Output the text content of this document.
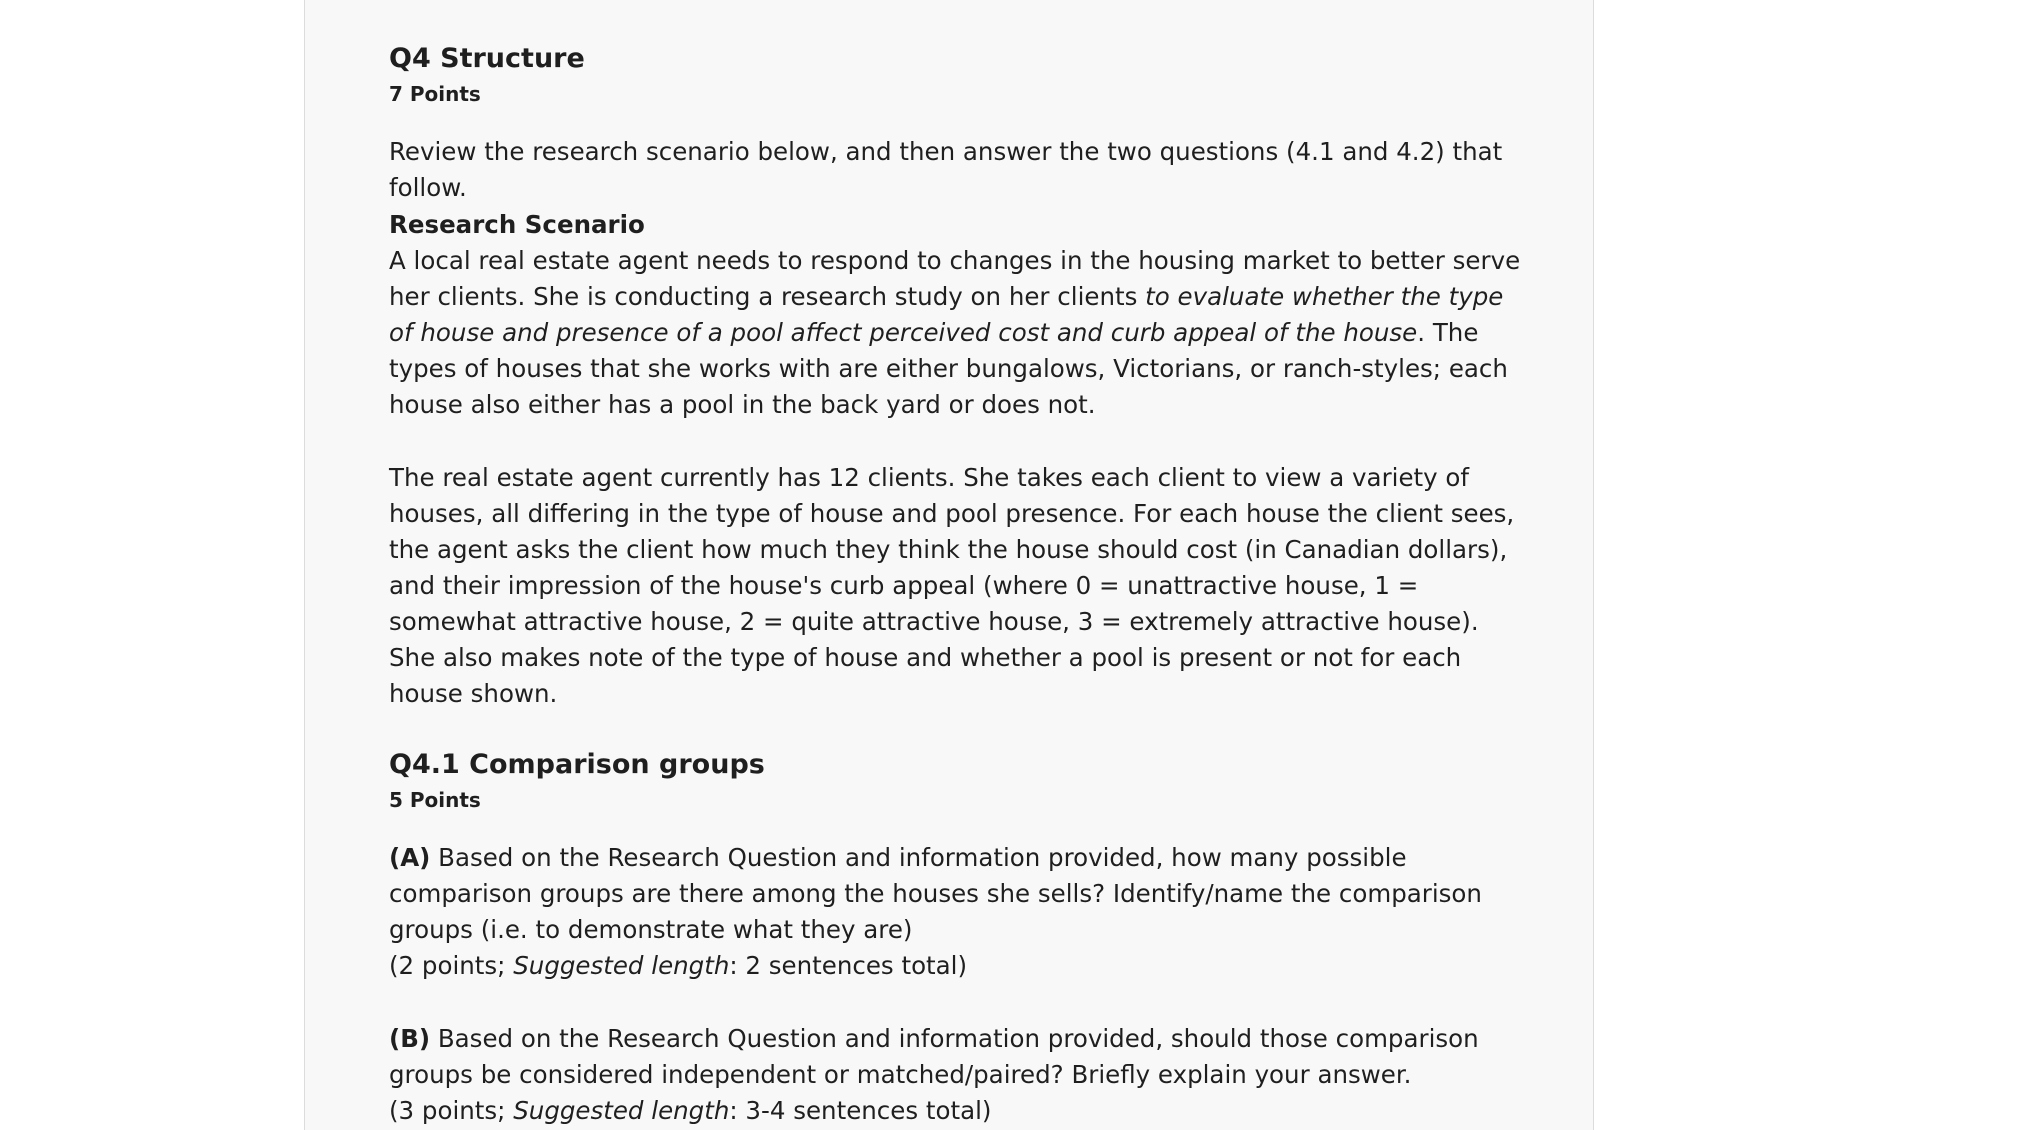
Q4 Structure

7 Points

Review the research scenario below, and then answer the two questions (4.1 and 4.2) that follow.

Research Scenario

A local real estate agent needs to respond to changes in the housing market to better serve her clients. She is conducting a research study on her clients to evaluate whether the type of house and presence of a pool affect perceived cost and curb appeal of the house. The types of houses that she works with are either bungalows, Victorians, or ranch-styles; each house also either has a pool in the back yard or does not.

The real estate agent currently has 12 clients. She takes each client to view a variety of houses, all differing in the type of house and pool presence. For each house the client sees, the agent asks the client how much they think the house should cost (in Canadian dollars), and their impression of the house's curb appeal (where 0 = unattractive house, 1 = somewhat attractive house, 2 = quite attractive house, 3 = extremely attractive house). She also makes note of the type of house and whether a pool is present or not for each house shown.

Q4.1 Comparison groups

5 Points

(A) Based on the Research Question and information provided, how many possible comparison groups are there among the houses she sells? Identify/name the comparison groups (i.e. to demonstrate what they are)

(2 points; Suggested length: 2 sentences total)

(B) Based on the Research Question and information provided, should those comparison groups be considered independent or matched/paired? Briefly explain your answer.

(3 points; Suggested length: 3-4 sentences total)
